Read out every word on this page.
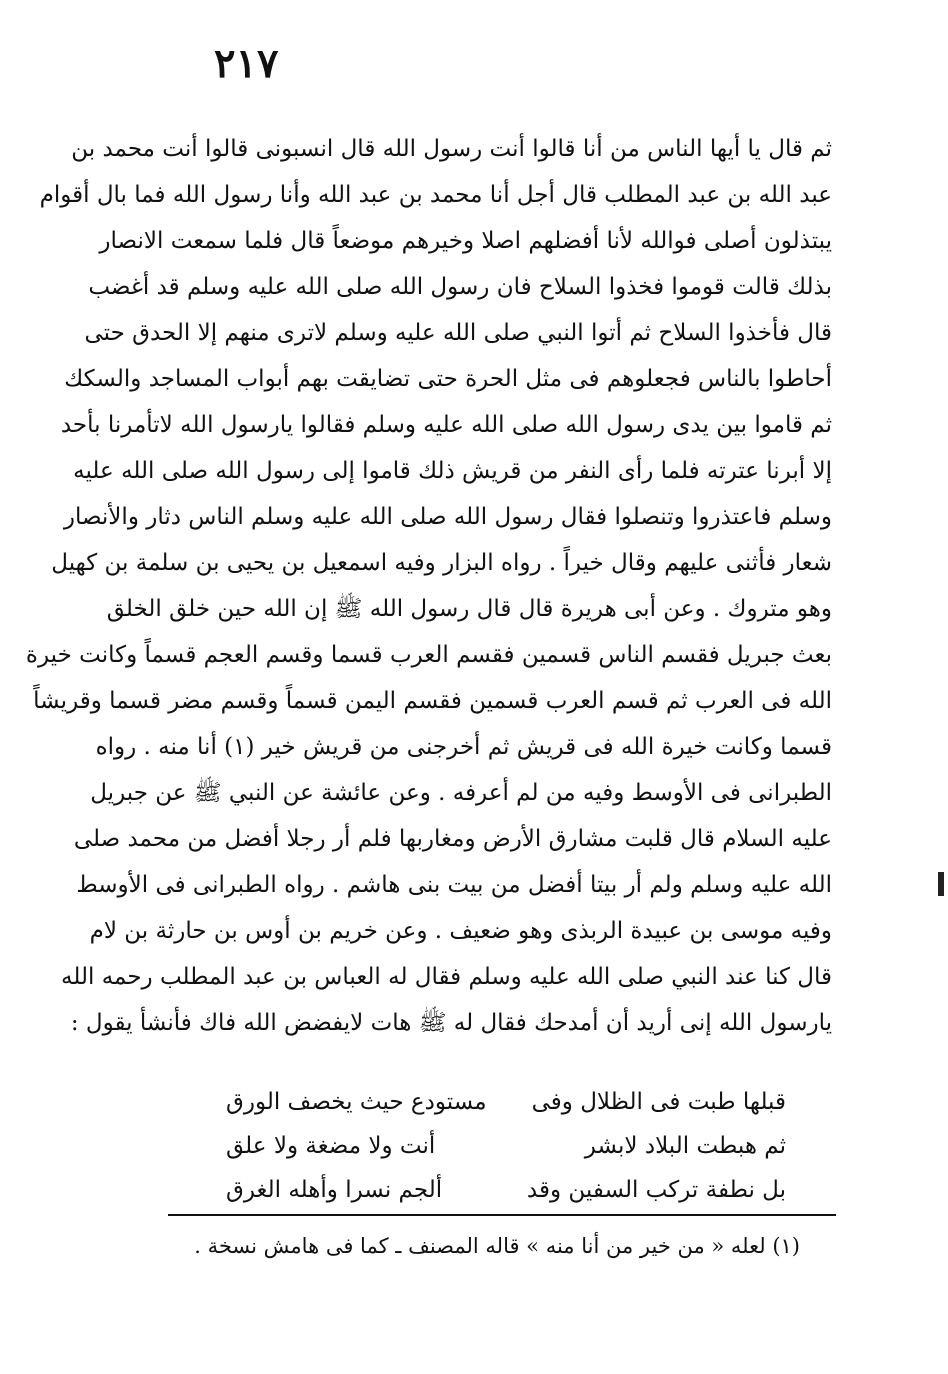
٢١٧
ثم قال يا أيها الناس من أنا قالوا أنت رسول الله قال انسبونى قالوا أنت محمد بن
عبد الله بن عبد المطلب قال أجل أنا محمد بن عبد الله وأنا رسول الله فما بال أقوام
يبتذلون أصلى فوالله لأنا أفضلهم اصلا وخيرهم موضعاً قال فلما سمعت الانصار
بذلك قالت قوموا فخذوا السلاح فان رسول الله صلى الله عليه وسلم قد أغضب
قال فأخذوا السلاح ثم أتوا النبي صلى الله عليه وسلم لاترى منهم إلا الحدق حتى
أحاطوا بالناس فجعلوهم فى مثل الحرة حتى تضايقت بهم أبواب المساجد والسكك
ثم قاموا بين يدى رسول الله صلى الله عليه وسلم فقالوا يارسول الله لاتأمرنا بأحد
إلا أبرنا عترته فلما رأى النفر من قريش ذلك قاموا إلى رسول الله صلى الله عليه
وسلم فاعتذروا وتنصلوا فقال رسول الله صلى الله عليه وسلم الناس دثار والأنصار
شعار فأثنى عليهم وقال خيراً . رواه البزار وفيه اسمعيل بن يحيى بن سلمة بن كهيل
وهو متروك . وعن أبى هريرة قال قال رسول الله ﷺ إن الله حين خلق الخلق
بعث جبريل فقسم الناس قسمين فقسم العرب قسما وقسم العجم قسماً وكانت خيرة
الله فى العرب ثم قسم العرب قسمين فقسم اليمن قسماً وقسم مضر قسما وقريشاً
قسما وكانت خيرة الله فى قريش ثم أخرجنى من قريش خير (١) أنا منه . رواه
الطبرانى فى الأوسط وفيه من لم أعرفه . وعن عائشة عن النبي ﷺ عن جبريل
عليه السلام قال قلبت مشارق الأرض ومغاربها فلم أر رجلا أفضل من محمد صلى
الله عليه وسلم ولم أر بيتا أفضل من بيت بنى هاشم . رواه الطبرانى فى الأوسط
وفيه موسى بن عبيدة الربذى وهو ضعيف . وعن خريم بن أوس بن حارثة بن لام
قال كنا عند النبي صلى الله عليه وسلم فقال له العباس بن عبد المطلب رحمه الله
يارسول الله إنى أريد أن أمدحك فقال له ﷺ هات لايفضض الله فاك فأنشأ يقول :
قبلها طبت فى الظلال وفى
مستودع حيث يخصف الورق
ثم هبطت البلاد لابشر
أنت ولا مضغة ولا علق
بل نطفة تركب السفين وقد
ألجم نسرا وأهله الغرق
(١) لعله « من خير من أنا منه » قاله المصنف ـ كما فى هامش نسخة .
